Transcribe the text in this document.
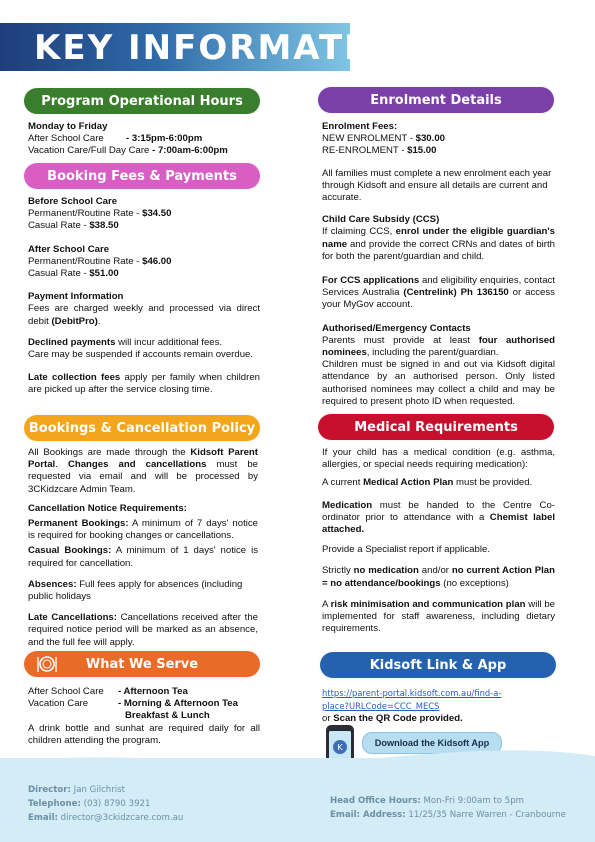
KEY INFORMATION
Program Operational Hours

Monday to Friday

After School Care - 3:15pm-6:00pm

Vacation Care/Full Day Care - 7:00am-6:00pm

Booking Fees & Payments

Before School Care

Permanent/Routine Rate - $34.50

Casual Rate - $38.50

After School Care

Permanent/Routine Rate - $46.00

Casual Rate - $51.00

Payment Information

Fees are charged weekly and processed via direct debit (DebitPro).

Declined payments will incur additional fees.

Care may be suspended if accounts remain overdue.

Late collection fees apply per family when children are picked up after the service closing time.

Bookings & Cancellation Policy

All Bookings are made through the Kidsoft Parent Portal. Changes and cancellations must be requested via email and will be processed by 3CKidzcare Admin Team.

Cancellation Notice Requirements:

Permanent Bookings: A minimum of 7 days' notice is required for booking changes or cancellations.

Casual Bookings: A minimum of 1 days' notice is required for cancellation.

Absences: Full fees apply for absences (including public holidays

Late Cancellations: Cancellations received after the required notice period will be marked as an absence, and the full fee will apply.

What We Serve

After School Care - Afternoon Tea

Vacation Care	- Morning & Afternoon Tea

Breakfast & Lunch

A drink bottle and sunhat are required daily for all children attending the program.

Enrolment Details

Enrolment Fees:

NEW ENROLMENT - $30.00

RE-ENROLMENT - $15.00

All families must complete a new enrolment each year through Kidsoft and ensure all details are current and accurate.

Child Care Subsidy (CCS)

If claiming CCS, enrol under the eligible guardian's name and provide the correct CRNs and dates of birth for both the parent/guardian and child.

For CCS applications and eligibility enquiries, contact Services Australia (Centrelink) Ph 136150 or access your MyGov account.

Authorised/Emergency Contacts

Parents must provide at least four authorised nominees, including the parent/guardian.

Children must be signed in and out via Kidsoft digital attendance by an authorised person. Only listed authorised nominees may collect a child and may be required to present photo ID when requested.

Medical Requirements

If your child has a medical condition (e.g. asthma, allergies, or special needs requiring medication):

A current Medical Action Plan must be provided.

Medication must be handed to the Centre Co-ordinator prior to attendance with a Chemist label attached.

Provide a Specialist report if applicable.

Strictly no medication and/or no current Action Plan = no attendance/bookings (no exceptions)

A risk minimisation and communication plan will be implemented for staff awareness, including dietary requirements.

Kidsoft Link & App

https://parent-portal.kidsoft.com.au/find-a-

place?URLCode=CCC_MECS

or Scan the QR Code provided.

K	Download the Kidsoft App
Director: Jan Gilchrist
Telephone: (03) 8790 3921
Email: director@3ckidzcare.com.au
Head Office Hours: Mon-Fri 9:00am to 5pm
Email: Address: 11/25/35 Narre Warren - Cranbourne
